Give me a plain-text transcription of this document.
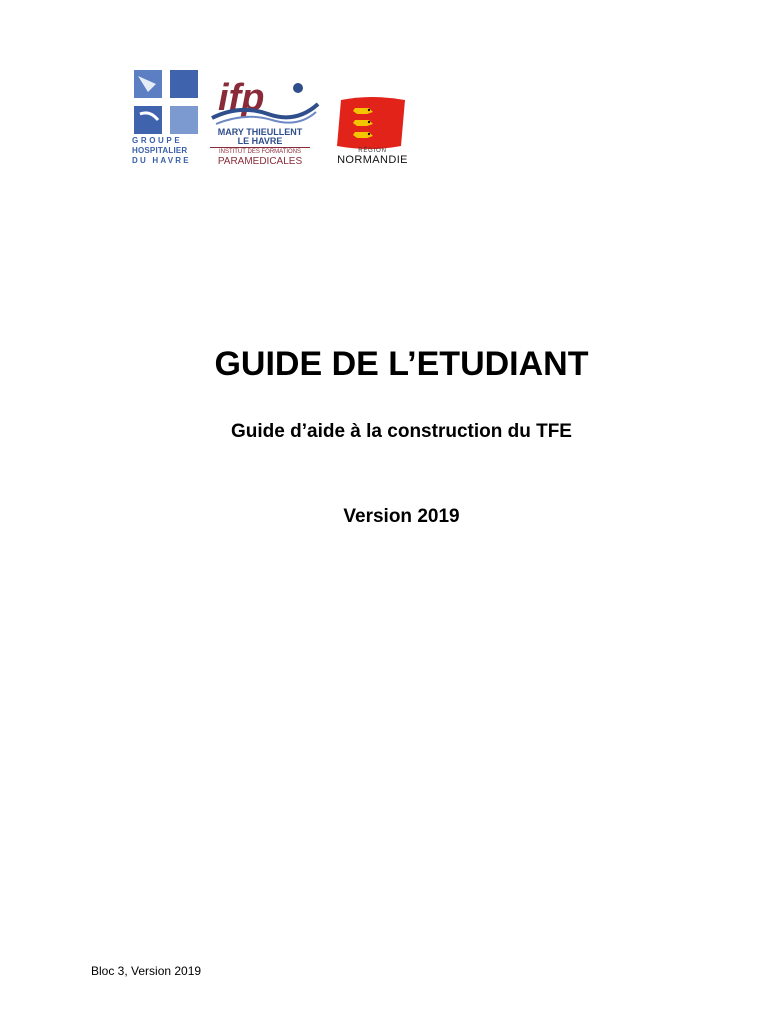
GROUPE
HOSPITALIER
DU HAVRE
ifp
MARY THIEULLENT
LE HAVRE
INSTITUT DES FORMATIONS
PARAMEDICALES
RÉGION
NORMANDIE
GUIDE DE L’ETUDIANT
Guide d’aide à la construction du TFE

Version 2019

Bloc 3, Version 2019
